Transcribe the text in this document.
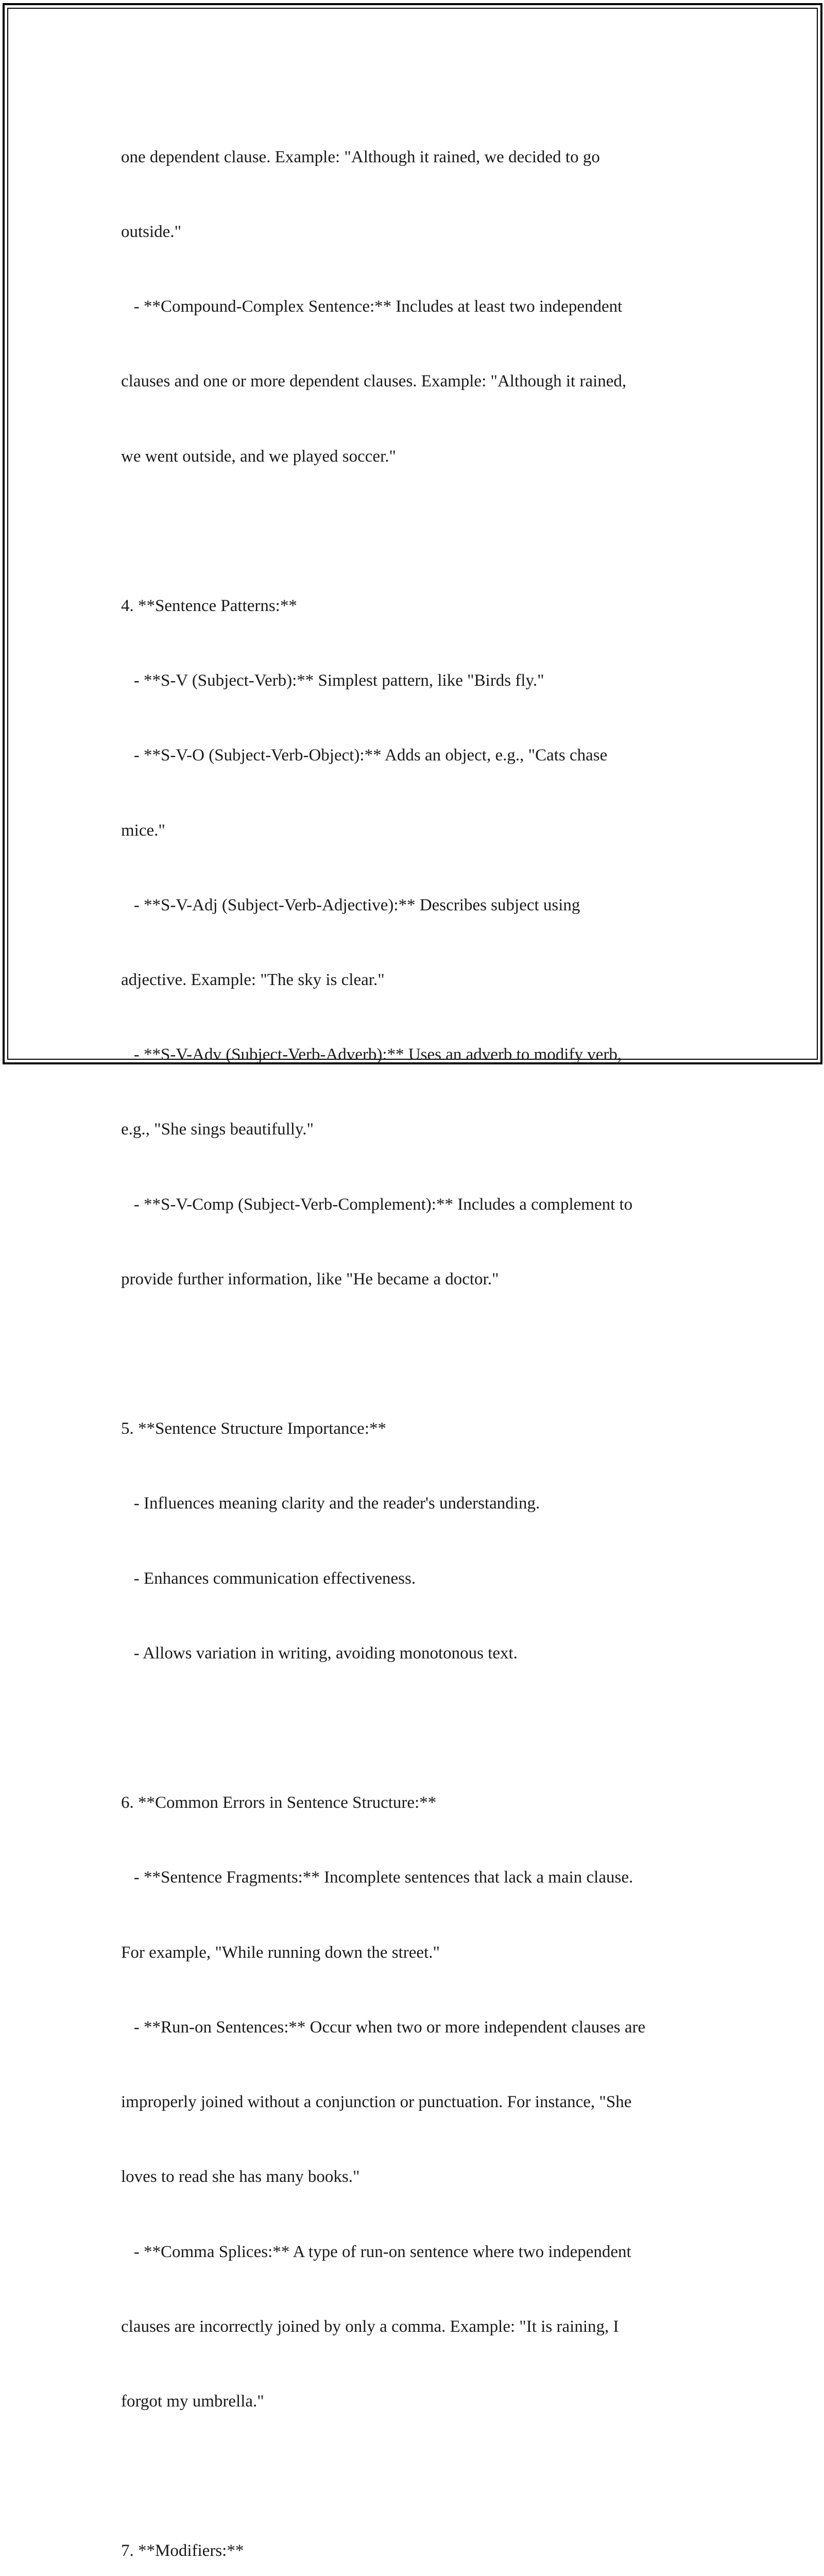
one dependent clause. Example: "Although it rained, we decided to go

outside."

- **Compound-Complex Sentence:** Includes at least two independent

clauses and one or more dependent clauses. Example: "Although it rained,

we went outside, and we played soccer."

4. **Sentence Patterns:**

- **S-V (Subject-Verb):** Simplest pattern, like "Birds fly."

- **S-V-O (Subject-Verb-Object):** Adds an object, e.g., "Cats chase

mice."

- **S-V-Adj (Subject-Verb-Adjective):** Describes subject using

adjective. Example: "The sky is clear."

- **S-V-Adv (Subject-Verb-Adverb):** Uses an adverb to modify verb,

e.g., "She sings beautifully."

- **S-V-Comp (Subject-Verb-Complement):** Includes a complement to

provide further information, like "He became a doctor."

5. **Sentence Structure Importance:**

- Influences meaning clarity and the reader's understanding.

- Enhances communication effectiveness.

- Allows variation in writing, avoiding monotonous text.

6. **Common Errors in Sentence Structure:**

- **Sentence Fragments:** Incomplete sentences that lack a main clause.

For example, "While running down the street."

- **Run-on Sentences:** Occur when two or more independent clauses are

improperly joined without a conjunction or punctuation. For instance, "She

loves to read she has many books."

- **Comma Splices:** A type of run-on sentence where two independent

clauses are incorrectly joined by only a comma. Example: "It is raining, I

forgot my umbrella."

7. **Modifiers:**
